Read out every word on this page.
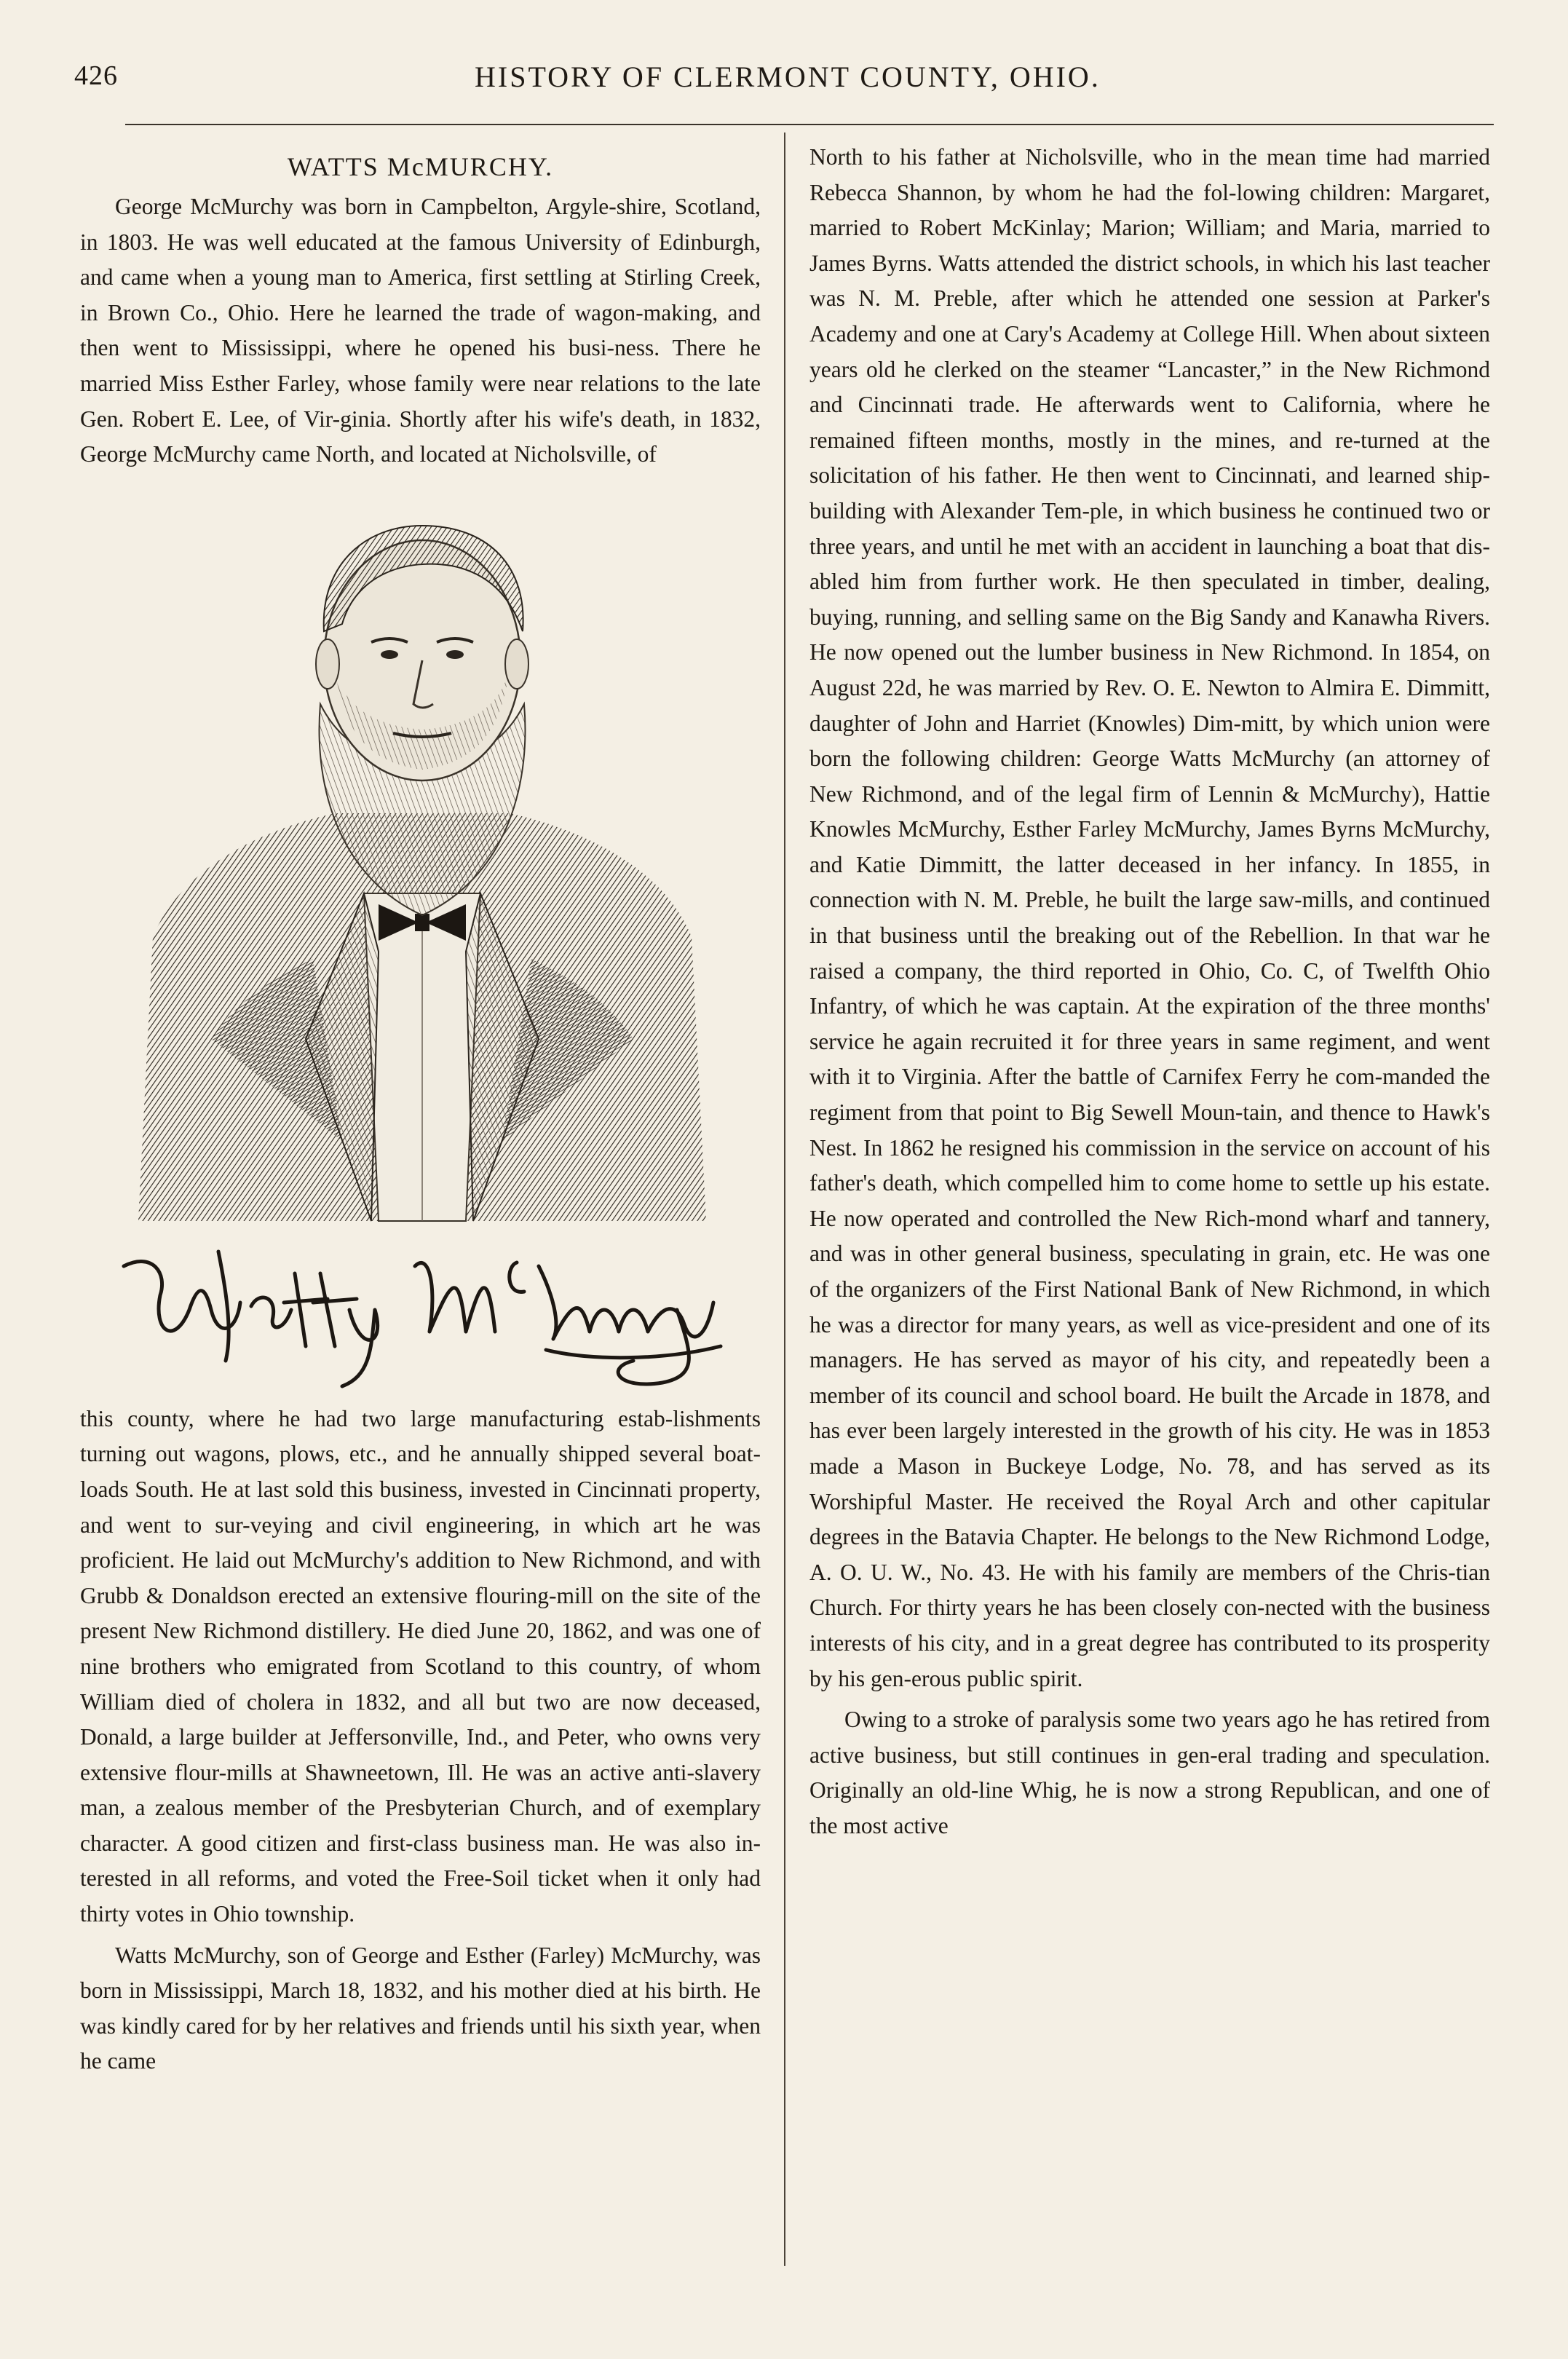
426	HISTORY OF CLERMONT COUNTY, OHIO.
WATTS McMURCHY.

George McMurchy was born in Campbelton, Argyle-shire, Scotland, in 1803. He was well educated at the famous University of Edinburgh, and came when a young man to America, first settling at Stirling Creek, in Brown Co., Ohio. Here he learned the trade of wagon-making, and then went to Mississippi, where he opened his busi-ness. There he married Miss Esther Farley, whose family were near relations to the late Gen. Robert E. Lee, of Vir-ginia. Shortly after his wife's death, in 1832, George McMurchy came North, and located at Nicholsville, of

this county, where he had two large manufacturing estab-lishments turning out wagons, plows, etc., and he annually shipped several boat-loads South. He at last sold this business, invested in Cincinnati property, and went to sur-veying and civil engineering, in which art he was proficient. He laid out McMurchy's addition to New Richmond, and with Grubb & Donaldson erected an extensive flouring-mill on the site of the present New Richmond distillery. He died June 20, 1862, and was one of nine brothers who emigrated from Scotland to this country, of whom William died of cholera in 1832, and all but two are now deceased, Donald, a large builder at Jeffersonville, Ind., and Peter, who owns very extensive flour-mills at Shawneetown, Ill. He was an active anti-slavery man, a zealous member of the Presbyterian Church, and of exemplary character. A good citizen and first-class business man. He was also in-terested in all reforms, and voted the Free-Soil ticket when it only had thirty votes in Ohio township.

Watts McMurchy, son of George and Esther (Farley) McMurchy, was born in Mississippi, March 18, 1832, and his mother died at his birth. He was kindly cared for by her relatives and friends until his sixth year, when he came

North to his father at Nicholsville, who in the mean time had married Rebecca Shannon, by whom he had the fol-lowing children: Margaret, married to Robert McKinlay; Marion; William; and Maria, married to James Byrns. Watts attended the district schools, in which his last teacher was N. M. Preble, after which he attended one session at Parker's Academy and one at Cary's Academy at College Hill. When about sixteen years old he clerked on the steamer “Lancaster,” in the New Richmond and Cincinnati trade. He afterwards went to California, where he remained fifteen months, mostly in the mines, and re-turned at the solicitation of his father. He then went to Cincinnati, and learned ship-building with Alexander Tem-ple, in which business he continued two or three years, and until he met with an accident in launching a boat that dis-abled him from further work. He then speculated in timber, dealing, buying, running, and selling same on the Big Sandy and Kanawha Rivers. He now opened out the lumber business in New Richmond. In 1854, on August 22d, he was married by Rev. O. E. Newton to Almira E. Dimmitt, daughter of John and Harriet (Knowles) Dim-mitt, by which union were born the following children: George Watts McMurchy (an attorney of New Richmond, and of the legal firm of Lennin & McMurchy), Hattie Knowles McMurchy, Esther Farley McMurchy, James Byrns McMurchy, and Katie Dimmitt, the latter deceased in her infancy. In 1855, in connection with N. M. Preble, he built the large saw-mills, and continued in that business until the breaking out of the Rebellion. In that war he raised a company, the third reported in Ohio, Co. C, of Twelfth Ohio Infantry, of which he was captain. At the expiration of the three months' service he again recruited it for three years in same regiment, and went with it to Virginia. After the battle of Carnifex Ferry he com-manded the regiment from that point to Big Sewell Moun-tain, and thence to Hawk's Nest. In 1862 he resigned his commission in the service on account of his father's death, which compelled him to come home to settle up his estate. He now operated and controlled the New Rich-mond wharf and tannery, and was in other general business, speculating in grain, etc. He was one of the organizers of the First National Bank of New Richmond, in which he was a director for many years, as well as vice-president and one of its managers. He has served as mayor of his city, and repeatedly been a member of its council and school board. He built the Arcade in 1878, and has ever been largely interested in the growth of his city. He was in 1853 made a Mason in Buckeye Lodge, No. 78, and has served as its Worshipful Master. He received the Royal Arch and other capitular degrees in the Batavia Chapter. He belongs to the New Richmond Lodge, A. O. U. W., No. 43. He with his family are members of the Chris-tian Church. For thirty years he has been closely con-nected with the business interests of his city, and in a great degree has contributed to its prosperity by his gen-erous public spirit.

Owing to a stroke of paralysis some two years ago he has retired from active business, but still continues in gen-eral trading and speculation. Originally an old-line Whig, he is now a strong Republican, and one of the most active
